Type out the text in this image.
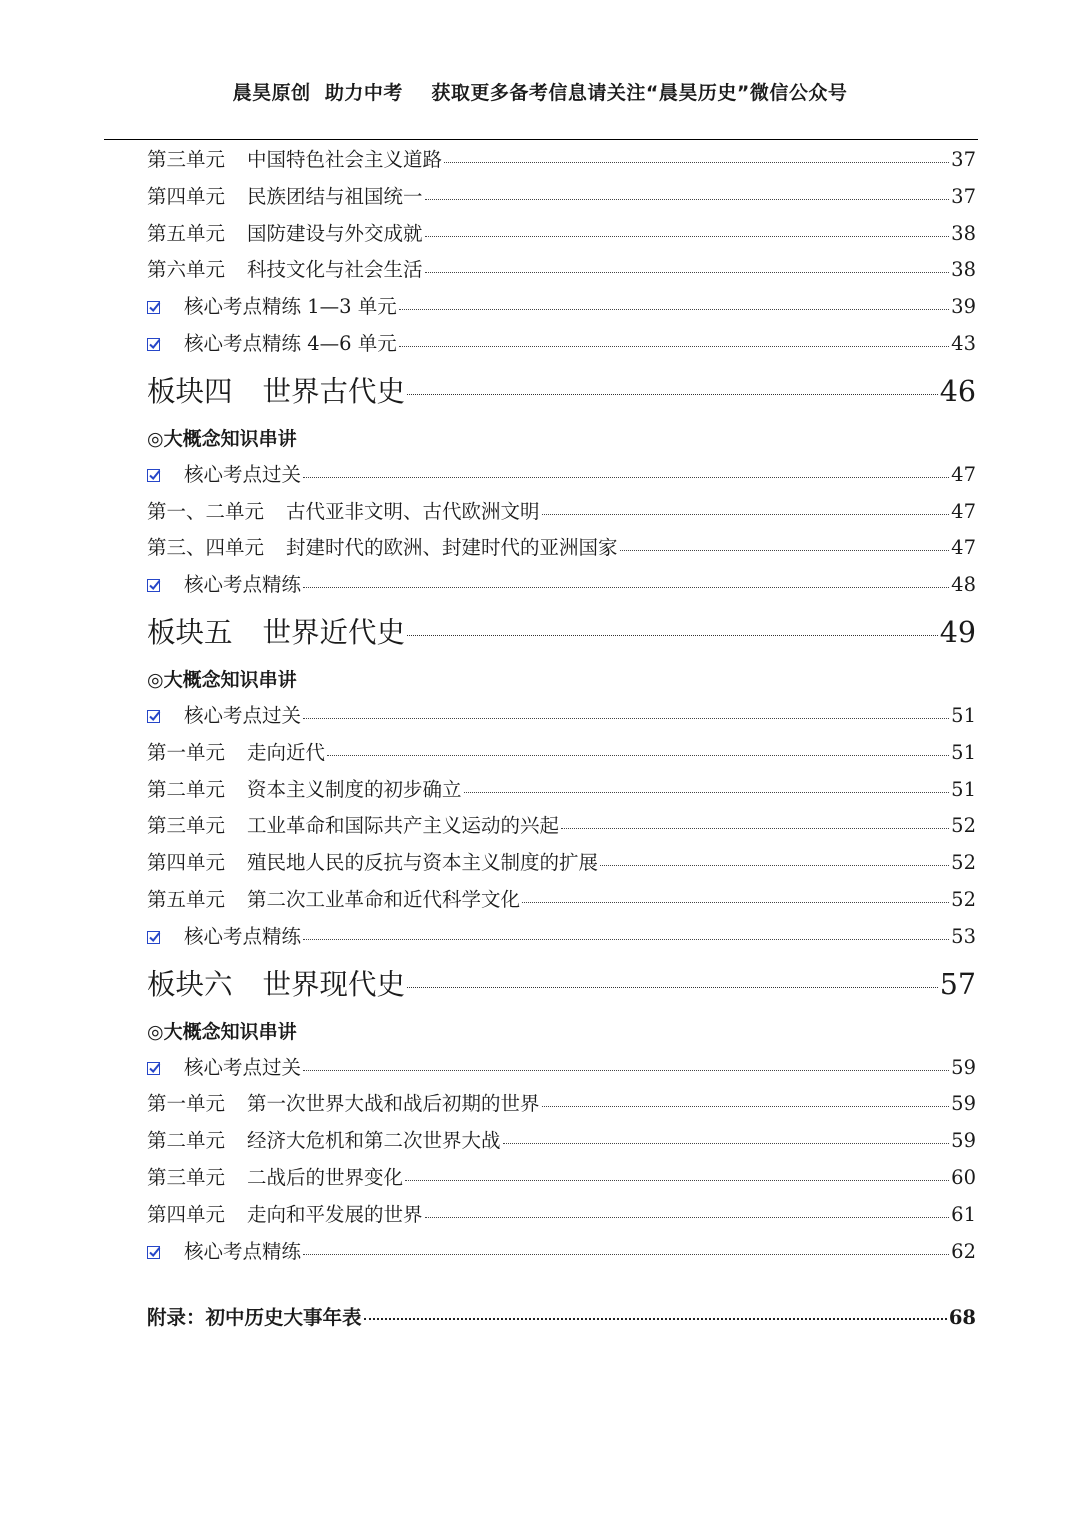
晨昊原创  助力中考    获取更多备考信息请关注“晨昊历史”微信公众号
第三单元 中国特色社会主义道路	37
第四单元 民族团结与祖国统一	37
第五单元 国防建设与外交成就	38
第六单元 科技文化与社会生活	38
核心考点精练 1—3 单元	39
核心考点精练 4—6 单元	43
板块四 世界古代史	46
◎大概念知识串讲
核心考点过关	47
第一、二单元 古代亚非文明、古代欧洲文明	47
第三、四单元 封建时代的欧洲、封建时代的亚洲国家	47
核心考点精练	48
板块五 世界近代史	49
◎大概念知识串讲
核心考点过关	51
第一单元 走向近代	51
第二单元 资本主义制度的初步确立	51
第三单元 工业革命和国际共产主义运动的兴起	52
第四单元 殖民地人民的反抗与资本主义制度的扩展	52
第五单元 第二次工业革命和近代科学文化	52
核心考点精练	53
板块六 世界现代史	57
◎大概念知识串讲
核心考点过关	59
第一单元 第一次世界大战和战后初期的世界	59
第二单元 经济大危机和第二次世界大战	59
第三单元 二战后的世界变化	60
第四单元 走向和平发展的世界	61
核心考点精练	62
附录：初中历史大事年表	68
